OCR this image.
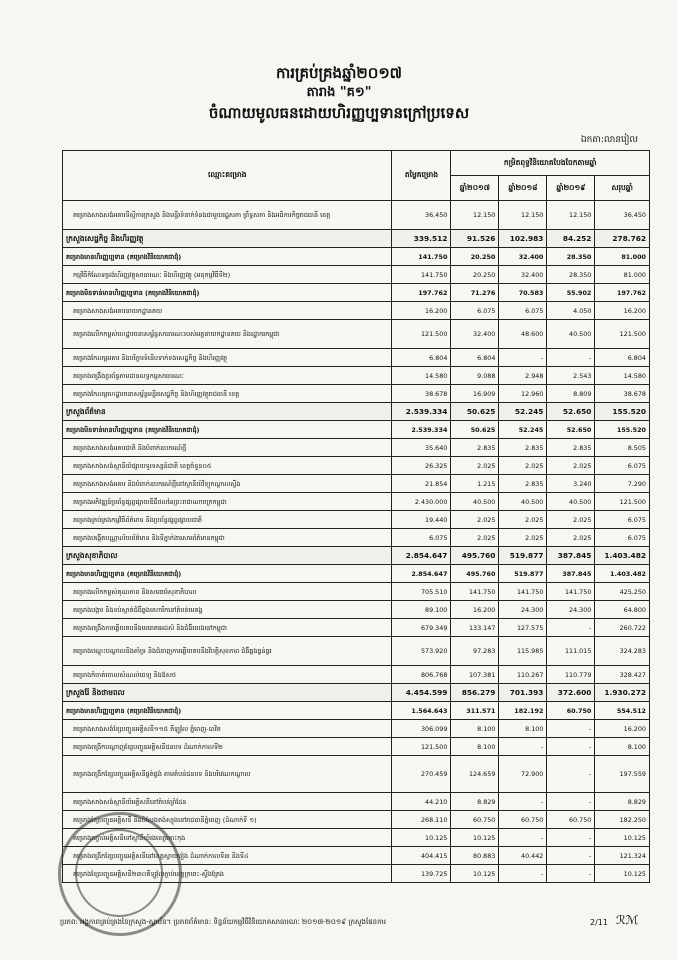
ការគ្រប់គ្រងឆ្នាំ២០១៧
តារាង "គ១"
ចំណាយមូលធនដោយហិរញ្ញប្បទានក្រៅប្រទេស
ឯកតា:លានរៀល
ឈ្មោះគម្រោង	តម្លៃគម្រោង	កម្រិតពុទ្ធវិនិយោគបែងចែកតាមឆ្នាំ			
		ឆ្នាំ២០១៧	ឆ្នាំ២០១៨	ឆ្នាំ២០១៩	សរុបឆ្នាំ
គម្រោងសាងសង់អគារទីស្តីការក្រសួង និងមន្ទីរទំនាក់ទំនងជាមួយរដ្ឋសភា ព្រឹទ្ធសភា និងអធិការកិច្ចរាជធានី ខេត្ត	36.450	12.150	12.150	12.150	36.450
ក្រសួងសេដ្ឋកិច្ច និងហិរញ្ញវត្ថុ	339.512	91.526	102.983	84.252	278.762
គម្រោងមានហិរញ្ញប្បទាន (គម្រោងវិនិយោគជាដុំ)	141.750	20.250	32.400	28.350	81.000
កម្មវិធីកំណែទម្រង់ហិរញ្ញវត្ថុសាធារណៈ និងហិរញ្ញវត្ថុ (អនុកម្មវិធីទី២)	141.750	20.250	32.400	28.350	81.000
គម្រោងមិនទាន់មានហិរញ្ញប្បទាន (គម្រោងវិនិយោគជាដុំ)	197.762	71.276	70.583	55.902	197.762
គម្រោងសាងសង់អគារនាយកដ្ឋានគយ	16.200	6.075	6.075	4.050	16.200
គម្រោងលើកកម្ពស់ហេដ្ឋារចនាសម្ព័ន្ធសាធារណៈរបស់អគ្គនាយកដ្ឋានគយ និងរដ្ឋាករកម្ពុជា	121.500	32.400	48.600	40.500	121.500
គម្រោងកែលម្អអគារ និងបរិក្ខារទំនើបទាក់ទងសេដ្ឋកិច្ច និងហិរញ្ញវត្ថុ	6.804	6.804	-	-	6.804
គម្រោងពង្រឹងប្រព័ន្ធតាមដានលទ្ធកម្មសាធារណៈ	14.580	9.088	2.948	2.543	14.580
គម្រោងកែលម្អហេដ្ឋារចនាសម្ព័ន្ធមន្ទីរសេដ្ឋកិច្ច និងហិរញ្ញវត្ថុរាជធានី ខេត្ត	38.678	16.909	12.960	8.809	38.678
ក្រសួងព័ត៌មាន	2.539.334	50.625	52.245	52.650	155.520
គម្រោងមិនទាន់មានហិរញ្ញប្បទាន (គម្រោងវិនិយោគជាដុំ)	2.539.334	50.625	52.245	52.650	155.520
គម្រោងសាងសង់អគារជាតិ និងបំពាក់ឧបករណ៍ថ្មី	35.640	2.835	2.835	2.835	8.505
គម្រោងសាងសង់ស្ថានីយ៍ផ្សាយទូរទស្សន៍ជាតិ ខេត្តចំនួន០៥	26.325	2.025	2.025	2.025	6.075
គម្រោងសាងសង់អគារ និងបំពាក់ឧបករណ៍ថ្មីនៅស្ថានីយ៍វិទ្យុកណ្តាលស្ទឹង	21.854	1.215	2.835	3.240	7.290
គម្រោងអភិវឌ្ឍន៍ប្រព័ន្ធផ្សព្វផ្សាយឌីជីថលនៃព្រះរាជាណាចក្រកម្ពុជា	2.430.000	40.500	40.500	40.500	121.500
គម្រោងគ្រប់គ្រងកម្មវិធីព័ត៌មាន និងប្រព័ន្ធផ្សព្វផ្សាយជាតិ	19.440	2.025	2.025	2.025	6.075
គម្រោងបង្កើតបណ្ណាល័យព័ត៌មាន និងទីភ្នាក់ងារសារព័ត៌មានកម្ពុជា	6.075	2.025	2.025	2.025	6.075
ក្រសួងសុខាភិបាល	2.854.647	495.760	519.877	387.845	1.403.482
គម្រោងមានហិរញ្ញប្បទាន (គម្រោងវិនិយោគជាដុំ)	2.854.647	495.760	519.877	387.845	1.403.482
គម្រោងលើកកម្ពស់គុណភាព និងសមធម៌សុខាភិបាល	705.510	141.750	141.750	141.750	425.250
គម្រោងបង្ការ និងទប់ស្កាត់ជំងឺឆ្លងមហារីកនៅតំបន់មេគង្គ	89.100	16.200	24.300	24.300	64.800
គម្រោងពង្រឹងការឆ្លើយតបនឹងមេរោគអេដស៍ និងជំងឺរបេងនៅកម្ពុជា	679.349	133.147	127.575	-	260.722
គម្រោងបណ្តុះបណ្តាលនិងគាំទ្រ និងជំនាញការឆ្លើយតបនឹងវិបត្តិសុខភាព ជំងឺឆ្លងធ្ងន់ធ្ងរ	573.920	97.283	115.985	111.015	324.283
គម្រោងកំចាត់ចោលសំណល់ពេទ្យ និងឱសថ	806.768	107.381	110.267	110.779	328.427
ក្រសួងរ៉ែ និងថាមពល	4.454.599	856.279	701.393	372.600	1.930.272
គម្រោងមានហិរញ្ញប្បទាន (គម្រោងវិនិយោគជាដុំ)	1.564.643	311.571	182.192	60.750	554.512
គម្រោងសាងសង់ខ្សែបញ្ជូនអគ្គិសនី១១៥ គីឡូវ៉ុល ភ្នំពេញ-បាវិត	306.099	8.100	8.100	-	16.200
គម្រោងពង្រីកបណ្តាញខ្សែបញ្ជូនអគ្គិសនីជនបទ ដំណាក់កាលទី២	121.500	8.100	-	-	8.100
គម្រោងពង្រីកខ្សែបញ្ជូនអគ្គិសនីផ្គត់ផ្គង់ តាមតំបន់ជនបទ និងបរិវេណកណ្តាល	270.459	124.659	72.900	-	197.559
គម្រោងសាងសង់ស្ថានីយ៍អគ្គិសនីនៅតំបន់ព្រំដែន	44.210	8.829	-	-	8.829
គម្រោងខ្សែបញ្ជូនអគ្គិសនី និងបំលែងតង់ស្យុងនៅរាជធានីភ្នំពេញ (ដំណាក់ទី ១)	268.110	60.750	60.750	60.750	182.250
គម្រោងតភ្ជាប់អគ្គិសនីទៅស្ថានីយ៍រងខេត្តកោះកុង	10.125	10.125	-	-	10.125
គម្រោងពង្រីកខ្សែបញ្ជូនអគ្គិសនីនៅខេត្តស្វាយរៀង ដំណាក់កាលទី៣ និងទី៤	404.415	80.883	40.442	-	121.324
គម្រោងខ្សែបញ្ជូនអគ្គិសនី២៣០គីឡូវ៉ុលភ្ជាប់ខេត្តក្រចេះ-ស្ទឹងត្រែង	139.725	10.125	-	-	10.125
ប្រភព: អង្គភាពគ្រប់គ្រងនៃក្រសួង-ស្ថាប័ន។ ប្រភពព័ត៌មាន: ទិន្នន័យកម្មវិធីវិនិយោគសាធារណៈ ២០១៧-២០១៩ ក្រសួងផែនការ	2/11 ℛℳ
